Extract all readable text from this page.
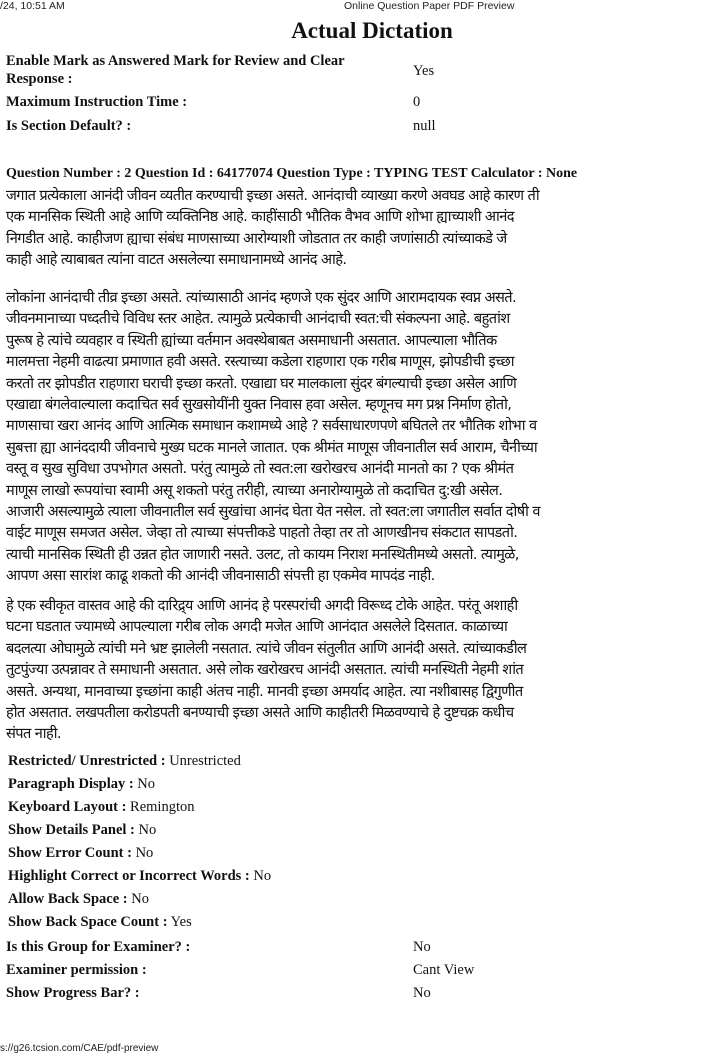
/24, 10:51 AM	Online Question Paper PDF Preview
Actual Dictation
Enable Mark as Answered Mark for Review and Clear
Response :	Yes
Maximum Instruction Time :	0
Is Section Default? :	null
Question Number : 2 Question Id : 64177074 Question Type : TYPING TEST Calculator : None
जगात प्रत्येकाला आनंदी जीवन व्यतीत करण्याची इच्छा असते. आनंदाची व्याख्या करणे अवघड आहे कारण ती
एक मानसिक स्थिती आहे आणि व्यक्तिनिष्ठ आहे. काहींसाठी भौतिक वैभव आणि शोभा ह्याच्याशी आनंद
निगडीत आहे. काहीजण ह्याचा संबंध माणसाच्या आरोग्याशी जोडतात तर काही जणांसाठी त्यांच्याकडे जे
काही आहे त्याबाबत त्यांना वाटत असलेल्या समाधानामध्ये आनंद आहे.
लोकांना आनंदाची तीव्र इच्छा असते. त्यांच्यासाठी आनंद म्हणजे एक सुंदर आणि आरामदायक स्वप्न असते.
जीवनमानाच्या पध्दतीचे विविध स्तर आहेत. त्यामुळे प्रत्येकाची आनंदाची स्वत:ची संकल्पना आहे. बहुतांश
पुरूष हे त्यांचे व्यवहार व स्थिती ह्यांच्या वर्तमान अवस्थेबाबत असमाधानी असतात. आपल्याला भौतिक
मालमत्ता नेहमी वाढत्या प्रमाणात हवी असते. रस्त्याच्या कडेला राहणारा एक गरीब माणूस, झोपडीची इच्छा
करतो तर झोपडीत राहणारा घराची इच्छा करतो. एखाद्या घर मालकाला सुंदर बंगल्याची इच्छा असेल आणि
एखाद्या बंगलेवाल्याला कदाचित सर्व सुखसोयींनी युक्त निवास हवा असेल. म्हणूनच मग प्रश्न निर्माण होतो,
माणसाचा खरा आनंद आणि आत्मिक समाधान कशामध्ये आहे ? सर्वसाधारणपणे बघितले तर भौतिक शोभा व
सुबत्ता ह्या आनंददायी जीवनाचे मुख्य घटक मानले जातात. एक श्रीमंत माणूस जीवनातील सर्व आराम, चैनीच्या
वस्तू व सुख सुविधा उपभोगत असतो. परंतु त्यामुळे तो स्वत:ला खरोखरच आनंदी मानतो का ? एक श्रीमंत
माणूस लाखो रूपयांचा स्वामी असू शकतो परंतु तरीही, त्याच्या अनारोग्यामुळे तो कदाचित दु:खी असेल.
आजारी असल्यामुळे त्याला जीवनातील सर्व सुखांचा आनंद घेता येत नसेल. तो स्वत:ला जगातील सर्वात दोषी व
वाईट माणूस समजत असेल. जेव्हा तो त्याच्या संपत्तीकडे पाहतो तेव्हा तर तो आणखीनच संकटात सापडतो.
त्याची मानसिक स्थिती ही उन्नत होत जाणारी नसते. उलट, तो कायम निराश मनस्थितीमध्ये असतो. त्यामुळे,
आपण असा सारांश काढू शकतो की आनंदी जीवनासाठी संपत्ती हा एकमेव मापदंड नाही.
हे एक स्वीकृत वास्तव आहे की दारिद्र्य आणि आनंद हे परस्परांची अगदी विरूध्द टोके आहेत. परंतू अशाही
घटना घडतात ज्यामध्ये आपल्याला गरीब लोक अगदी मजेत आणि आनंदात असलेले दिसतात. काळाच्या
बदलत्या ओघामुळे त्यांची मने भ्रष्ट झालेली नसतात. त्यांचे जीवन संतुलीत आणि आनंदी असते. त्यांच्याकडील
तुटपुंज्या उत्पन्नावर ते समाधानी असतात. असे लोक खरोखरच आनंदी असतात. त्यांची मनस्थिती नेहमी शांत
असते. अन्यथा, मानवाच्या इच्छांना काही अंतच नाही. मानवी इच्छा अमर्याद आहेत. त्या नशीबासह द्विगुणीत
होत असतात. लखपतीला करोडपती बनण्याची इच्छा असते आणि काहीतरी मिळवण्याचे हे दुष्टचक्र कधीच
संपत नाही.
Restricted/ Unrestricted : Unrestricted
Paragraph Display : No
Keyboard Layout : Remington
Show Details Panel : No
Show Error Count : No
Highlight Correct or Incorrect Words : No
Allow Back Space : No
Show Back Space Count : Yes
Is this Group for Examiner? :	No
Examiner permission :	Cant View
Show Progress Bar? :	No
s://g26.tcsion.com/CAE/pdf-preview
